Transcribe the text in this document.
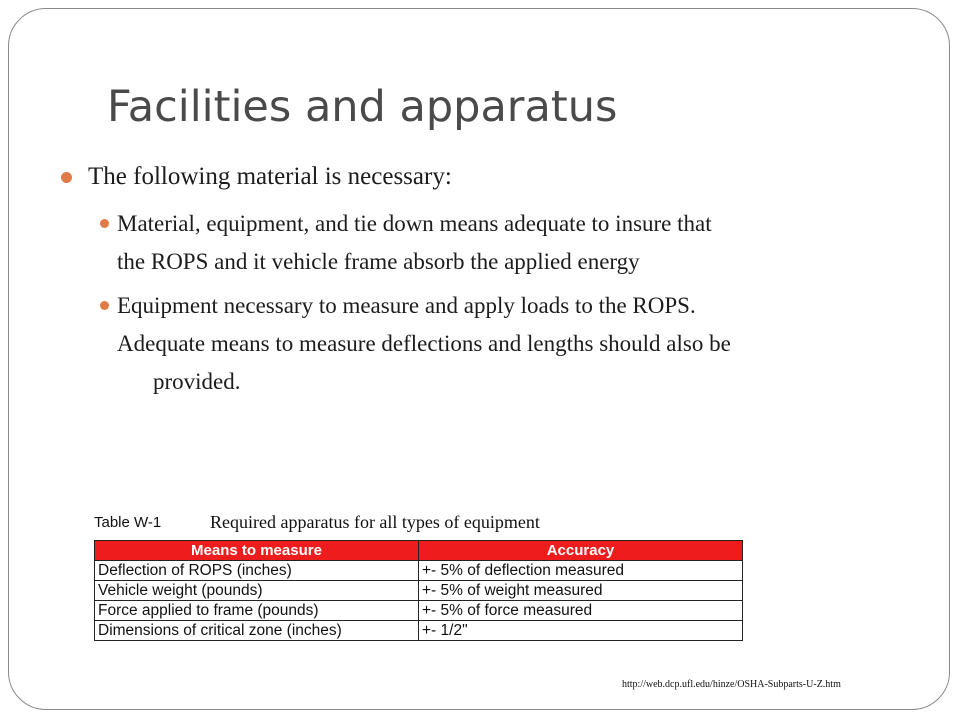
Facilities and apparatus
The following material is necessary:
Material, equipment, and tie down means adequate to insure that
the ROPS and it vehicle frame absorb the applied energy
Equipment necessary to measure and apply loads to the ROPS.
Adequate means to measure deflections and lengths should also be
provided.
Table W-1	Required apparatus for all types of equipment
Means to measure	Accuracy
Deflection of ROPS (inches)	+- 5% of deflection measured
Vehicle weight (pounds)	+- 5% of weight measured
Force applied to frame (pounds)	+- 5% of force measured
Dimensions of critical zone (inches)	+- 1/2"
http://web.dcp.ufl.edu/hinze/OSHA-Subparts-U-Z.htm
